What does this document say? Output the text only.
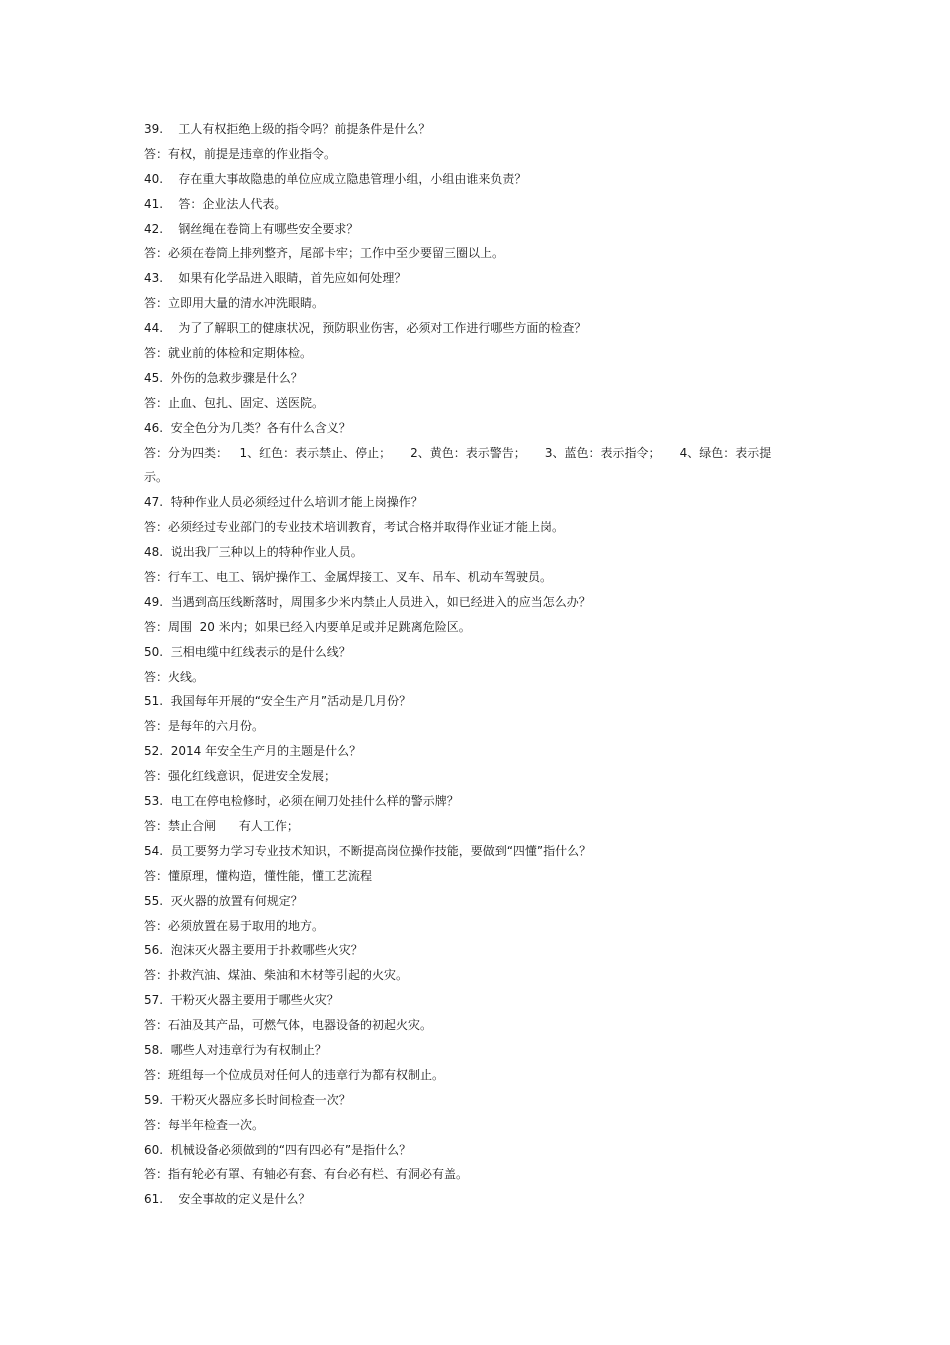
39.    工人有权拒绝上级的指令吗？前提条件是什么？
答：有权，前提是违章的作业指令。
40.    存在重大事故隐患的单位应成立隐患管理小组，小组由谁来负责？
41.    答：企业法人代表。
42.    钢丝绳在卷筒上有哪些安全要求？
答：必须在卷筒上排列整齐，尾部卡牢；工作中至少要留三圈以上。
43.    如果有化学品进入眼睛，首先应如何处理？
答：立即用大量的清水冲洗眼睛。
44.    为了了解职工的健康状况，预防职业伤害，必须对工作进行哪些方面的检查？
答：就业前的体检和定期体检。
45.  外伤的急救步骤是什么？
答：止血、包扎、固定、送医院。
46.  安全色分为几类？各有什么含义？
答：分为四类：   1、红色：表示禁止、停止；     2、黄色：表示警告；     3、蓝色：表示指令；     4、绿色：表示提
示。
47.  特种作业人员必须经过什么培训才能上岗操作？
答：必须经过专业部门的专业技术培训教育，考试合格并取得作业证才能上岗。
48.  说出我厂三种以上的特种作业人员。
答：行车工、电工、锅炉操作工、金属焊接工、叉车、吊车、机动车驾驶员。
49.  当遇到高压线断落时，周围多少米内禁止人员进入，如已经进入的应当怎么办？
答：周围  20 米内；如果已经入内要单足或并足跳离危险区。
50.  三相电缆中红线表示的是什么线？
答：火线。
51.  我国每年开展的“安全生产月”活动是几月份？
答：是每年的六月份。
52.  2014 年安全生产月的主题是什么？
答：强化红线意识，促进安全发展；
53.  电工在停电检修时，必须在闸刀处挂什么样的警示牌？
答：禁止合闸      有人工作；
54.  员工要努力学习专业技术知识，不断提高岗位操作技能，要做到“四懂”指什么？
答：懂原理，懂构造，懂性能，懂工艺流程
55.  灭火器的放置有何规定？
答：必须放置在易于取用的地方。
56.  泡沫灭火器主要用于扑救哪些火灾？
答：扑救汽油、煤油、柴油和木材等引起的火灾。
57.  干粉灭火器主要用于哪些火灾？
答：石油及其产品，可燃气体，电器设备的初起火灾。
58.  哪些人对违章行为有权制止？
答：班组每一个位成员对任何人的违章行为都有权制止。
59.  干粉灭火器应多长时间检查一次？
答：每半年检查一次。
60.  机械设备必须做到的“四有四必有”是指什么？
答：指有轮必有罩、有轴必有套、有台必有栏、有洞必有盖。
61.    安全事故的定义是什么？
